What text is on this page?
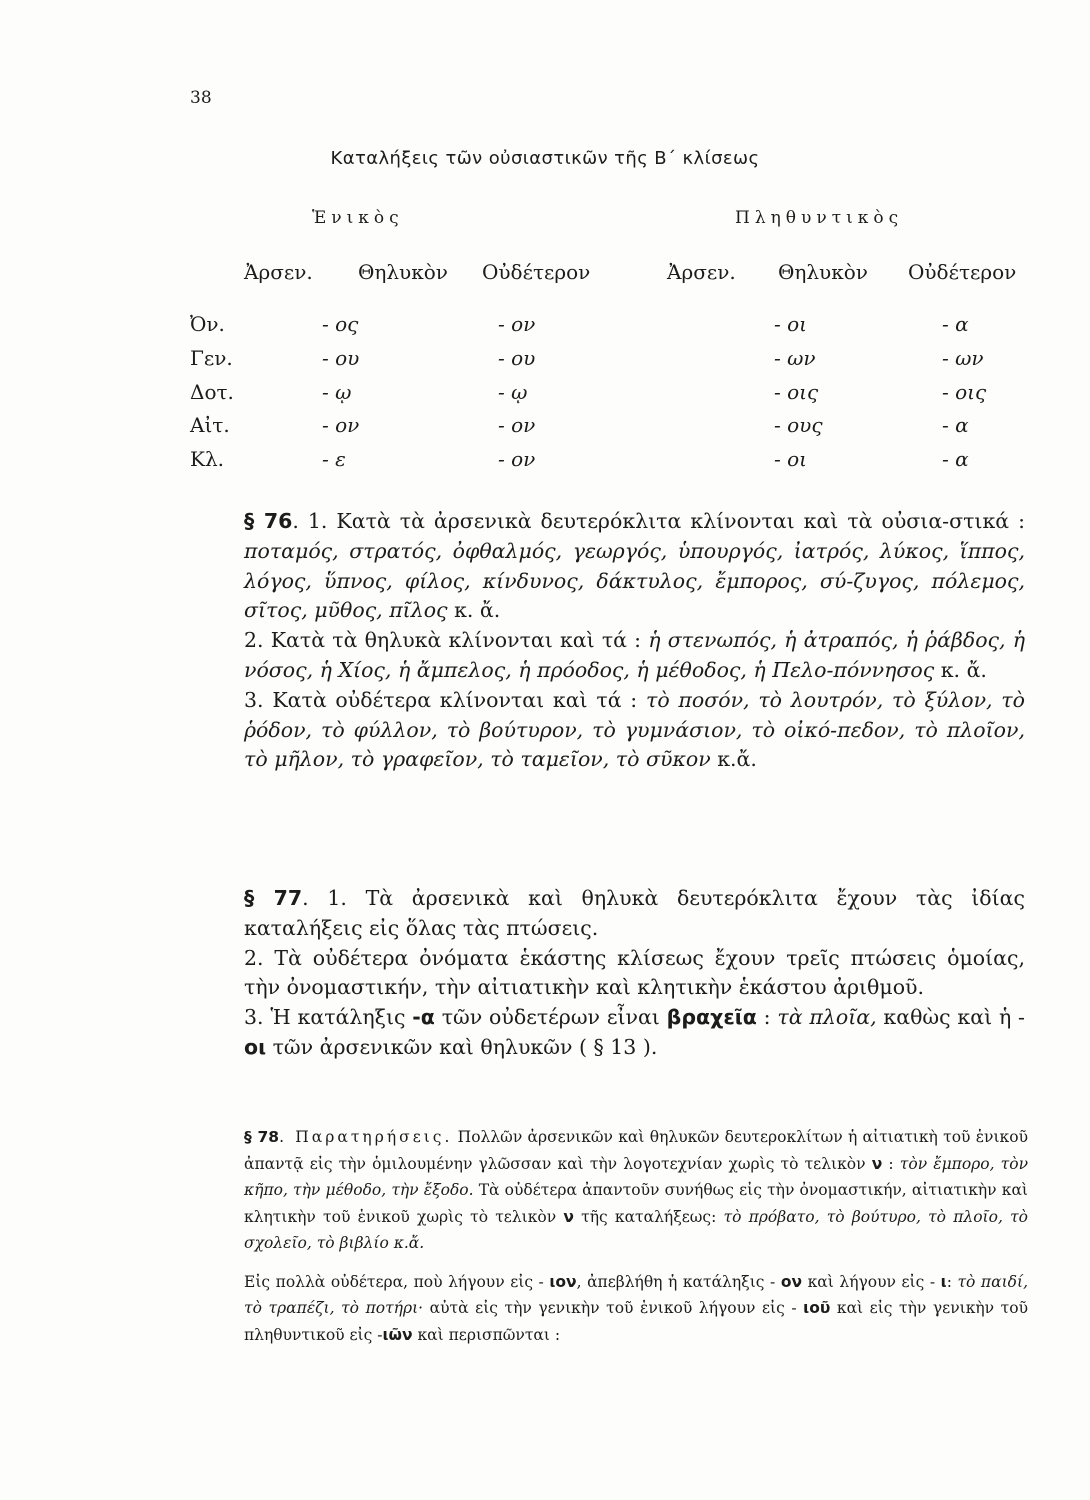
38
Καταλήξεις τῶν οὐσιαστικῶν τῆς Β΄ κλίσεως
Ἑνικὸς	Πληθυντικὸς
Ἀρσεν. Θηλυκὸν Οὐδέτερον	Ἀρσεν. Θηλυκὸν Οὐδέτερον
Ὀν.	- ος	- ον	- οι	- α
Γεν.	- ου	- ου	- ων	- ων
Δοτ.	- ῳ	- ῳ	- οις	- οις
Αἰτ.	- ον	- ον	- ους	- α
Κλ.	- ε	- ον	- οι	- α
§ 76. 1. Κατὰ τὰ ἀρσενικὰ δευτερόκλιτα κλίνονται καὶ τὰ οὐσια-στικά : ποταμός, στρατός, ὀφθαλμός, γεωργός, ὑπουργός, ἰατρός, λύκος, ἵππος, λόγος, ὕπνος, φίλος, κίνδυνος, δάκτυλος, ἔμπορος, σύ-ζυγος, πόλεμος, σῖτος, μῦθος, πῖλος κ. ἄ.
2. Κατὰ τὰ θηλυκὰ κλίνονται καὶ τά : ἡ στενωπός, ἡ ἀτραπός, ἡ ῥάβδος, ἡ νόσος, ἡ Χίος, ἡ ἄμπελος, ἡ πρόοδος, ἡ μέθοδος, ἡ Πελο-πόννησος κ. ἄ.
3. Κατὰ οὐδέτερα κλίνονται καὶ τά : τὸ ποσόν, τὸ λουτρόν, τὸ ξύλον, τὸ ῥόδον, τὸ φύλλον, τὸ βούτυρον, τὸ γυμνάσιον, τὸ οἰκό-πεδον, τὸ πλοῖον, τὸ μῆλον, τὸ γραφεῖον, τὸ ταμεῖον, τὸ σῦκον κ.ἄ.
§ 77. 1. Τὰ ἀρσενικὰ καὶ θηλυκὰ δευτερόκλιτα ἔχουν τὰς ἰδίας καταλήξεις εἰς ὅλας τὰς πτώσεις.
2. Τὰ οὐδέτερα ὀνόματα ἑκάστης κλίσεως ἔχουν τρεῖς πτώσεις ὁμοίας, τὴν ὀνομαστικήν, τὴν αἰτιατικὴν καὶ κλητικὴν ἑκάστου ἀριθμοῦ.
3. Ἡ κατάληξις -α τῶν οὐδετέρων εἶναι βραχεῖα : τὰ πλοῖα, καθὼς καὶ ἡ - οι τῶν ἀρσενικῶν καὶ θηλυκῶν ( § 13 ).
§ 78. Παρατηρήσεις. Πολλῶν ἀρσενικῶν καὶ θηλυκῶν δευτεροκλίτων ἡ αἰτιατικὴ τοῦ ἑνικοῦ ἀπαντᾷ εἰς τὴν ὁμιλουμένην γλῶσσαν καὶ τὴν λογοτεχνίαν χωρὶς τὸ τελικὸν ν : τὸν ἔμπορο, τὸν κῆπο, τὴν μέθοδο, τὴν ἔξοδο. Τὰ οὐδέτερα ἀπαντοῦν συνήθως εἰς τὴν ὀνομαστικήν, αἰτιατικὴν καὶ κλητικὴν τοῦ ἑνικοῦ χωρὶς τὸ τελικὸν ν τῆς καταλήξεως: τὸ πρόβατο, τὸ βούτυρο, τὸ πλοῖο, τὸ σχολεῖο, τὸ βιβλίο κ.ἄ.
Εἰς πολλὰ οὐδέτερα, ποὺ λήγουν εἰς - ιον, ἀπεβλήθη ἡ κατάληξις - ον καὶ λήγουν εἰς - ι: τὸ παιδί, τὸ τραπέζι, τὸ ποτήρι· αὐτὰ εἰς τὴν γενικὴν τοῦ ἑνικοῦ λήγουν εἰς - ιοῦ καὶ εἰς τὴν γενικὴν τοῦ πληθυντικοῦ εἰς -ιῶν καὶ περισπῶνται :
